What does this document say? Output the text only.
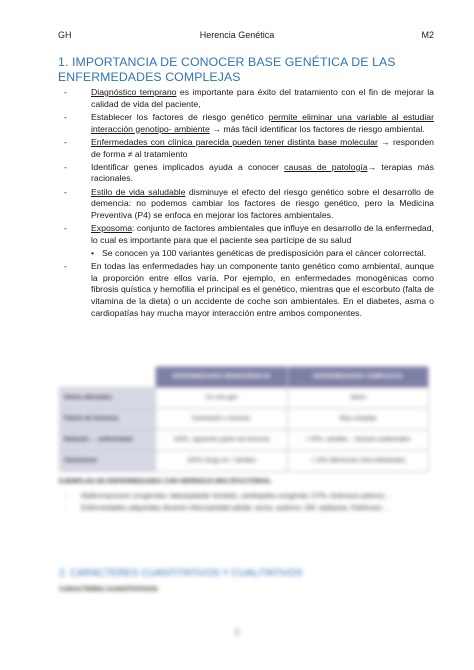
GH	Herencia Genética	M2
1. IMPORTANCIA DE CONOCER BASE GENÉTICA DE LAS ENFERMEDADES COMPLEJAS
-	Diagnóstico temprano es importante para éxito del tratamiento con el fin de mejorar la calidad de vida del paciente,
-	Establecer los factores de riesgo genético permite eliminar una variable al estudiar interacción genotipo- ambiente → más fácil identificar los factores de riesgo ambiental.
-	Enfermedades con clínica parecida pueden tener distinta base molecular → responden de forma ≠ al tratamiento
-	Identificar genes implicados ayuda a conocer causas de patología→ terapias más racionales.
-	Estilo de vida saludable disminuye el efecto del riesgo genético sobre el desarrollo de demencia: no podemos cambiar los factores de riesgo genético, pero la Medicina Preventiva (P4) se enfoca en mejorar los factores ambientales.
-	Exposoma: conjunto de factores ambientales que influye en desarrollo de la enfermedad, lo cual es importante para que el paciente sea partícipe de su salud
• Se conocen ya 100 variantes genéticas de predisposición para el cáncer colorrectal.
-	En todas las enfermedades hay un componente tanto genético como ambiental, aunque la proporción entre ellos varía. Por ejemplo, en enfermedades monogénicas como fibrosis quística y hemofilia el principal es el genético, mientras que el escorbuto (falta de vitamina de la dieta) o un accidente de coche son ambientales. En el diabetes, asma o cardiopatías hay mucha mayor interacción entre ambos componentes.
	ENFERMEDADES MONOGÉNICAS	ENFERMEDADES COMPLEJAS
Genes afectados	Un solo gen	Varios
Patrón de herencia	Dominante o recesivo	Muy complejo
Relación ↔ enfermedad	100%, siguiendo patrón de herencia	< 50%, variable; ↑ factores ambientales
Variaciones	100% riesgo en + familias	< 10% diferencias intra-individuales
EJEMPLOS DE ENFERMEDADES CON HERENCIA MULTIFACTORIAL
- Malformaciones congénitas: labio/paladar hendido, cardiopatía congénita, DTN, estenosis pilórica…
- Enfermedades adquiridas durante infancia/edad adulta: asma, autismo, DM, epilepsia, Parkinson…
2. CARACTERES CUANTITATIVOS Y CUALITATIVOS
CARACTERES CUANTITATIVOS
2
